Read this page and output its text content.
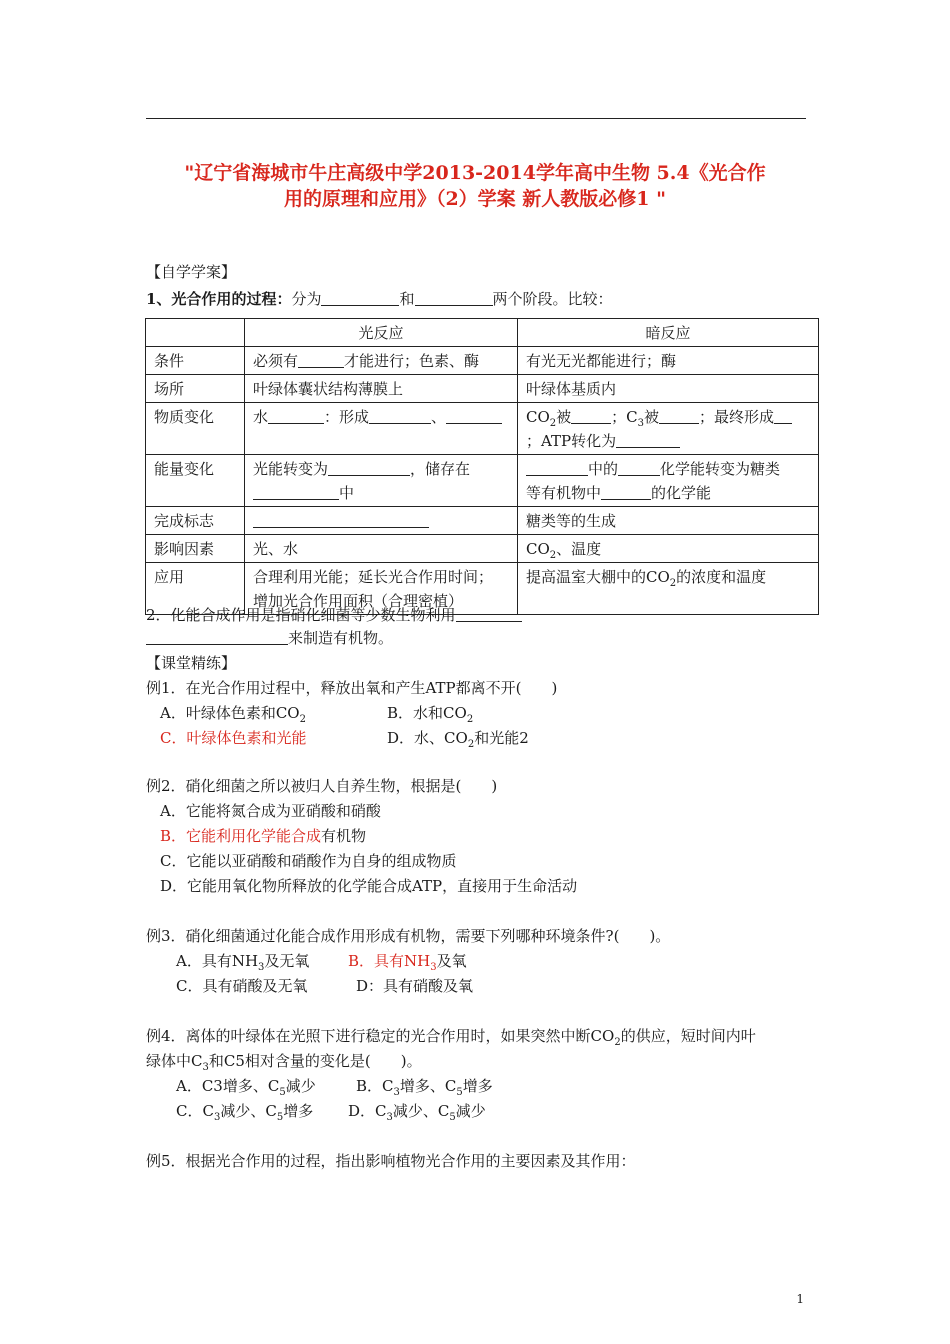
"辽宁省海城市牛庄高级中学2013-2014学年高中生物 5.4《光合作
用的原理和应用》（2）学案 新人教版必修1 "
【自学学案】
1、光合作用的过程：分为	和	两个阶段。比较：
	光反应	暗反应
条件	必须有 才能进行；色素、酶	有光无光都能进行；酶
场所	叶绿体囊状结构薄膜上	叶绿体基质内
物质变化	水 ：形成 、	$CO_2$被 ；$C_3$被 ；最终形成
；ATP转化为
能量变化	光能转变为 ，储存在
中	中的 化学能转变为糖类
等有机物中 的化学能
完成标志		糖类等的生成
影响因素	光、水	$CO_2$、温度
应用	合理利用光能；延长光合作用时间；
增加光合作用面积（合理密植）	提高温室大棚中的$CO_2$的浓度和温度
2．化能合成作用是指硝化细菌等少数生物利用
来制造有机物。
【课堂精练】
例1．在光合作用过程中，释放出氧和产生ATP都离不开(　　)
A．叶绿体色素和$CO_2$	B．水和$CO_2$
C．叶绿体色素和光能	D．水、$CO_2$和光能2
例2．硝化细菌之所以被归人自养生物，根据是(　　)
A．它能将氮合成为亚硝酸和硝酸
B．它能利用化学能合成有机物
C．它能以亚硝酸和硝酸作为自身的组成物质
D．它能用氧化物所释放的化学能合成ATP，直接用于生命活动
例3．硝化细菌通过化能合成作用形成有机物，需要下列哪种环境条件?(　　)。
A．具有$NH_3$及无氧	B．具有$NH_3$及氧
C．具有硝酸及无氧	D：具有硝酸及氧
例4．离体的叶绿体在光照下进行稳定的光合作用时，如果突然中断$CO_2$的供应，短时间内叶
绿体中$C_3$和C5相对含量的变化是(　　)。
A．C3增多、$C_5$减少	B．$C_3$增多、$C_5$增多
C．$C_3$减少、$C_5$增多 D．$C_3$减少、$C_5$减少
例5．根据光合作用的过程，指出影响植物光合作用的主要因素及其作用：
1
